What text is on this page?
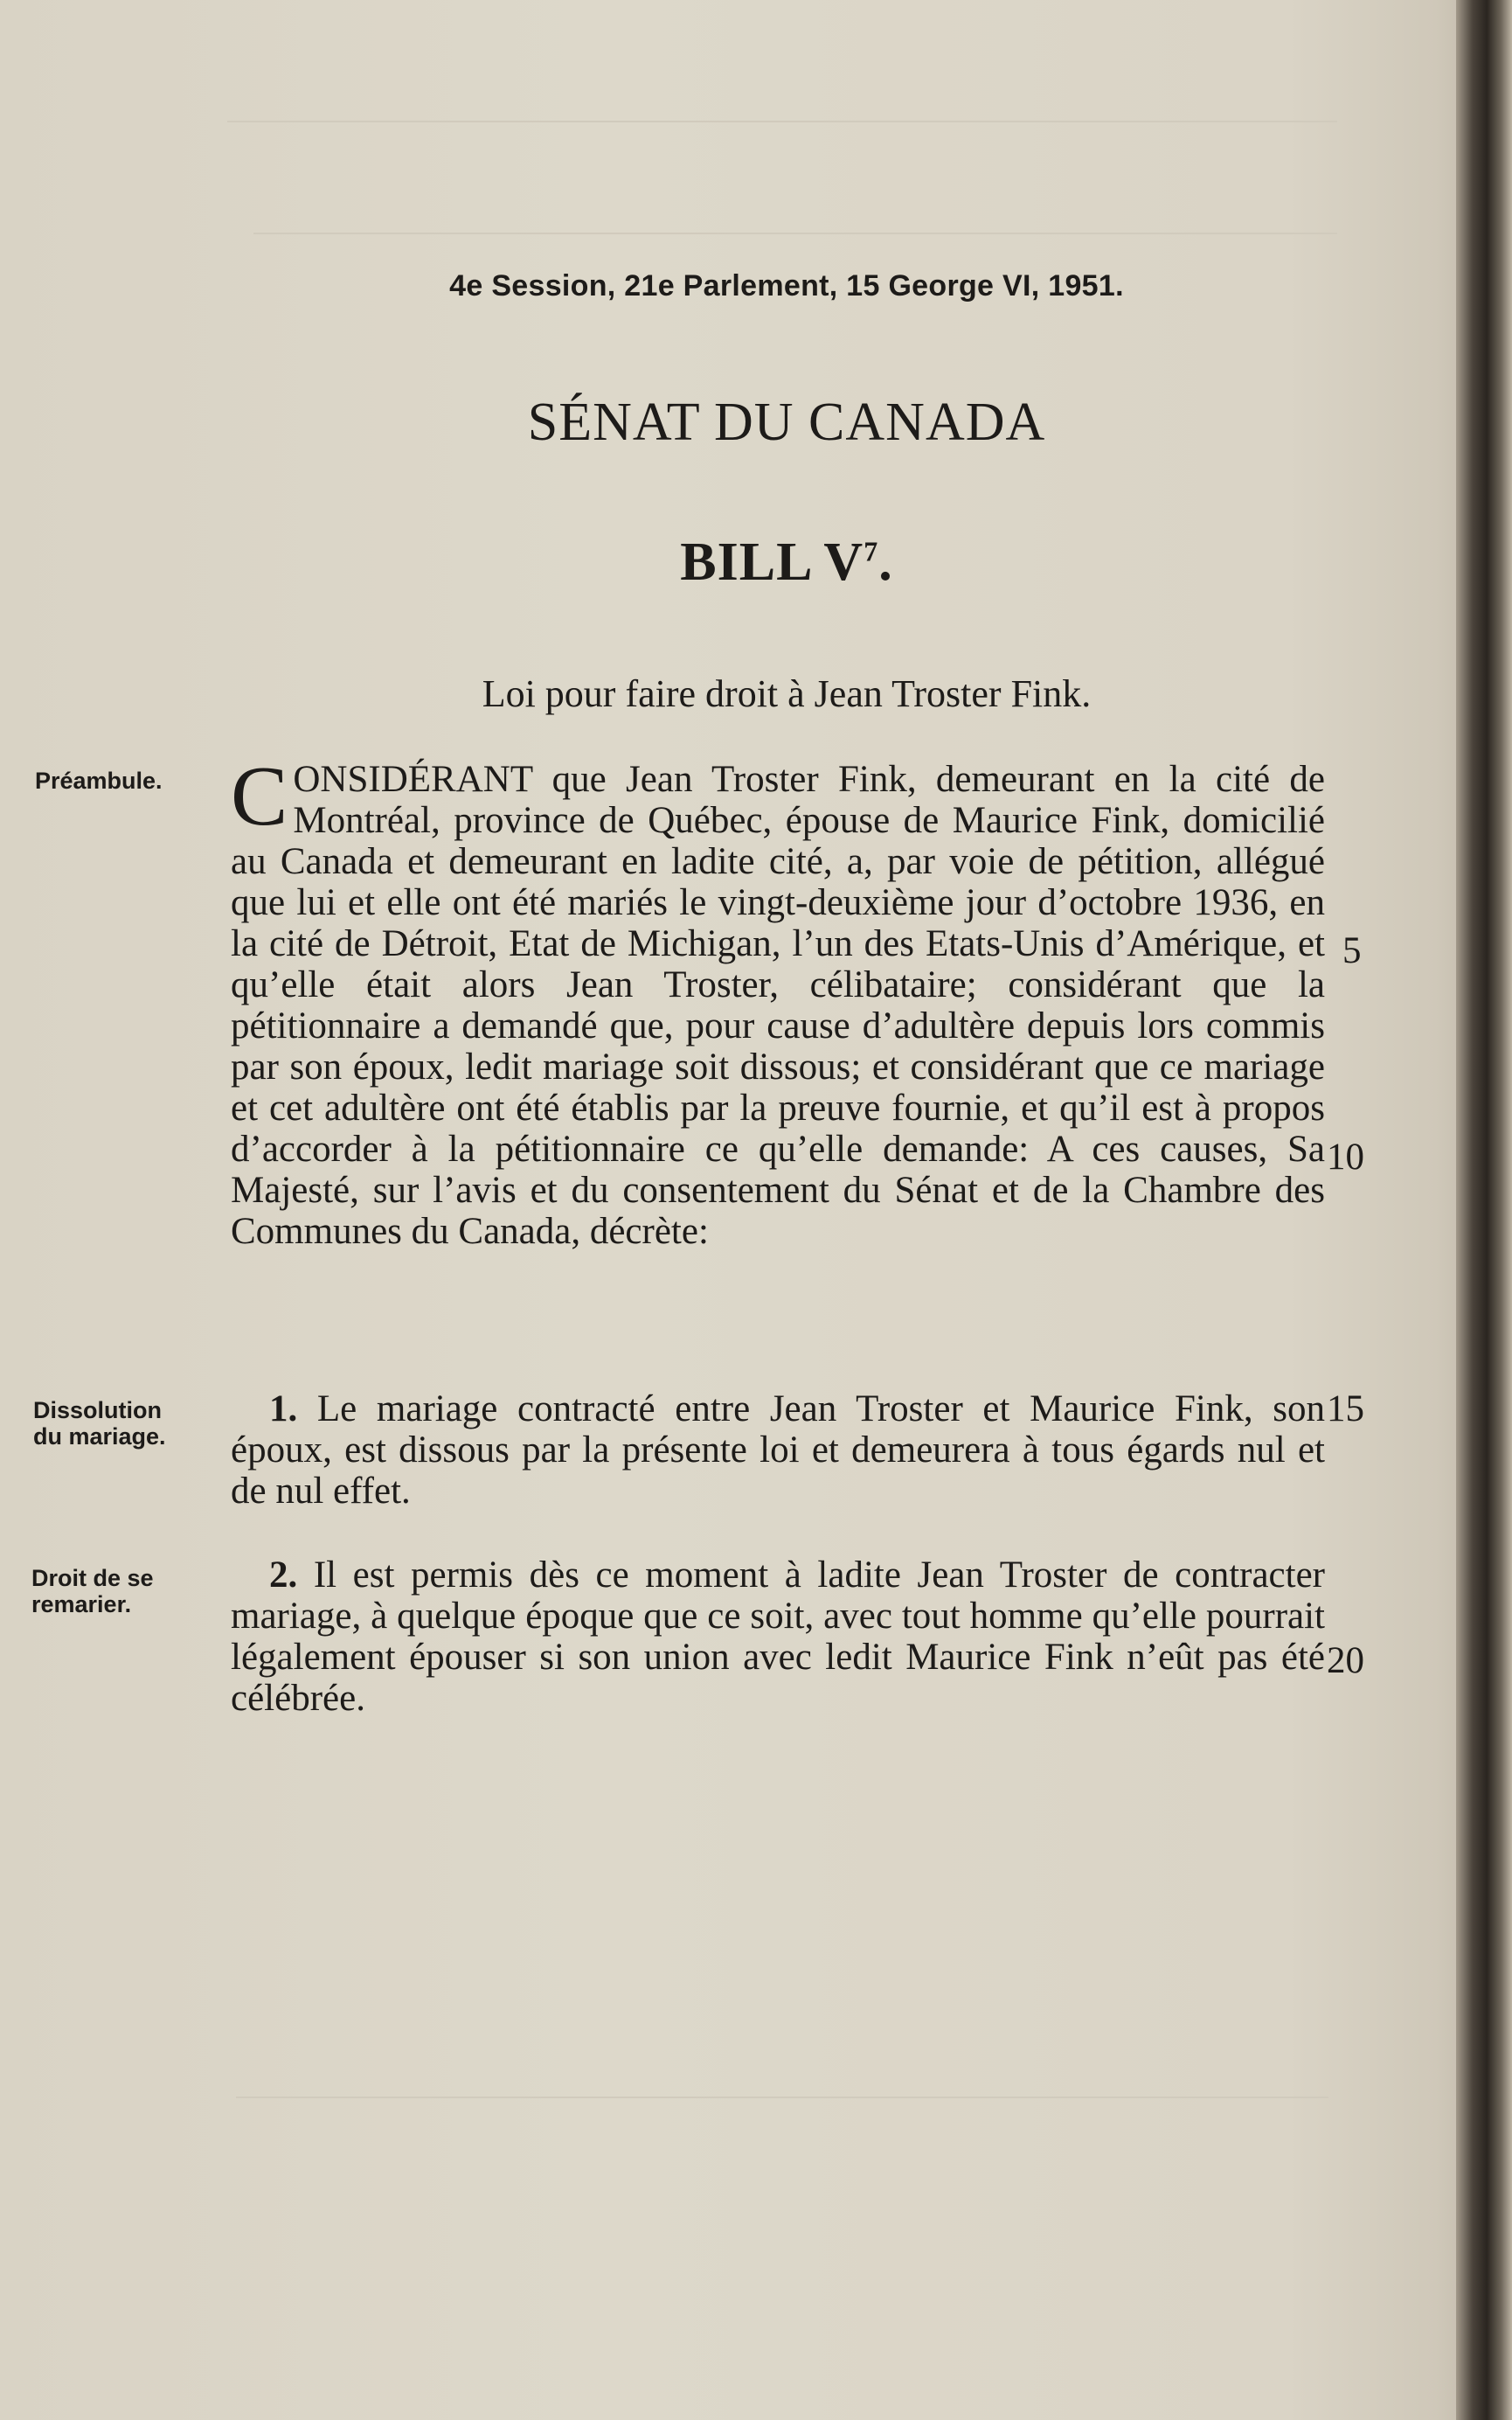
4e Session, 21e Parlement, 15 George VI, 1951.
SÉNAT DU CANADA
BILL $V^7$.
Loi pour faire droit à Jean Troster Fink.
Préambule. CONSIDÉRANT que Jean Troster Fink, demeurant en la cité de Montréal, province de Québec, épouse de Maurice Fink, domicilié au Canada et demeurant en ladite cité, a, par voie de pétition, allégué que lui et elle ont été mariés le vingt-deuxième jour d’octobre 1936, en la cité de Détroit, Etat de Michigan, l’un des Etats-Unis d’Amérique, et qu’elle était alors Jean Troster, célibataire; considérant que la pétitionnaire a demandé que, pour cause d’adultère depuis lors commis par son époux, ledit mariage soit dissous; et considérant que ce mariage et cet adultère ont été établis par la preuve fournie, et qu’il est à propos d’accorder à la pétitionnaire ce qu’elle demande: A ces causes, Sa Majesté, sur l’avis et du consentement du Sénat et de la Chambre des Communes du Canada, décrète:
Dissolution
du mariage.
1. Le mariage contracté entre Jean Troster et Maurice Fink, son époux, est dissous par la présente loi et demeurera à tous égards nul et de nul effet.
Droit de se
remarier.
2. Il est permis dès ce moment à ladite Jean Troster de contracter mariage, à quelque époque que ce soit, avec tout homme qu’elle pourrait légalement épouser si son union avec ledit Maurice Fink n’eût pas été célébrée.
5
10
15
20
